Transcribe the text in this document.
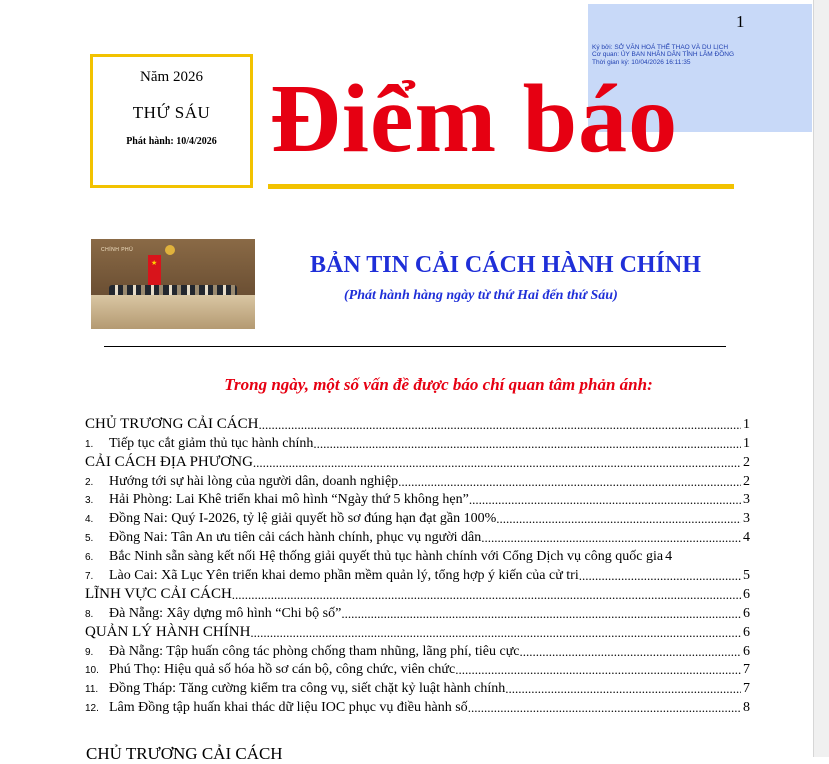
1
Ký bởi: SỞ VĂN HOÁ THỂ THAO VÀ DU LỊCH
Cơ quan: ỦY BAN NHÂN DÂN TỈNH LÂM ĐỒNG
Thời gian ký: 10/04/2026 16:11:35
Năm 2026
THỨ SÁU
Phát hành: 10/4/2026 Điểm báo
CHÍNH PHỦ
★	BẢN TIN CẢI CÁCH HÀNH CHÍNH
(Phát hành hàng ngày từ thứ Hai đến thứ Sáu)
Trong ngày, một số vấn đề được báo chí quan tâm phản ánh:
CHỦ TRƯƠNG CẢI CÁCH .....	1
1.	Tiếp tục cắt giảm thủ tục hành chính .....	1
CẢI CÁCH ĐỊA PHƯƠNG .....	2
2.	Hướng tới sự hài lòng của người dân, doanh nghiệp .....	2
3.	Hải Phòng: Lai Khê triển khai mô hình “Ngày thứ 5 không hẹn” .....	3
4.	Đồng Nai: Quý I-2026, tỷ lệ giải quyết hồ sơ đúng hạn đạt gần 100% .....	3
5.	Đồng Nai: Tân An ưu tiên cải cách hành chính, phục vụ người dân .....	4
6.	Bắc Ninh sẵn sàng kết nối Hệ thống giải quyết thủ tục hành chính với Cổng Dịch vụ công quốc gia 4
7.	Lào Cai: Xã Lục Yên triển khai demo phần mềm quản lý, tổng hợp ý kiến của cử tri .....	5
LĨNH VỰC CẢI CÁCH .....	6
8.	Đà Nẵng: Xây dựng mô hình “Chi bộ số” .....	6
QUẢN LÝ HÀNH CHÍNH .....	6
9.	Đà Nẵng: Tập huấn công tác phòng chống tham nhũng, lãng phí, tiêu cực .....	6
10. Phú Thọ: Hiệu quả số hóa hồ sơ cán bộ, công chức, viên chức .....	7
11. Đồng Tháp: Tăng cường kiểm tra công vụ, siết chặt kỷ luật hành chính .....	7
12. Lâm Đồng tập huấn khai thác dữ liệu IOC phục vụ điều hành số .....	8
CHỦ TRƯƠNG CẢI CÁCH
